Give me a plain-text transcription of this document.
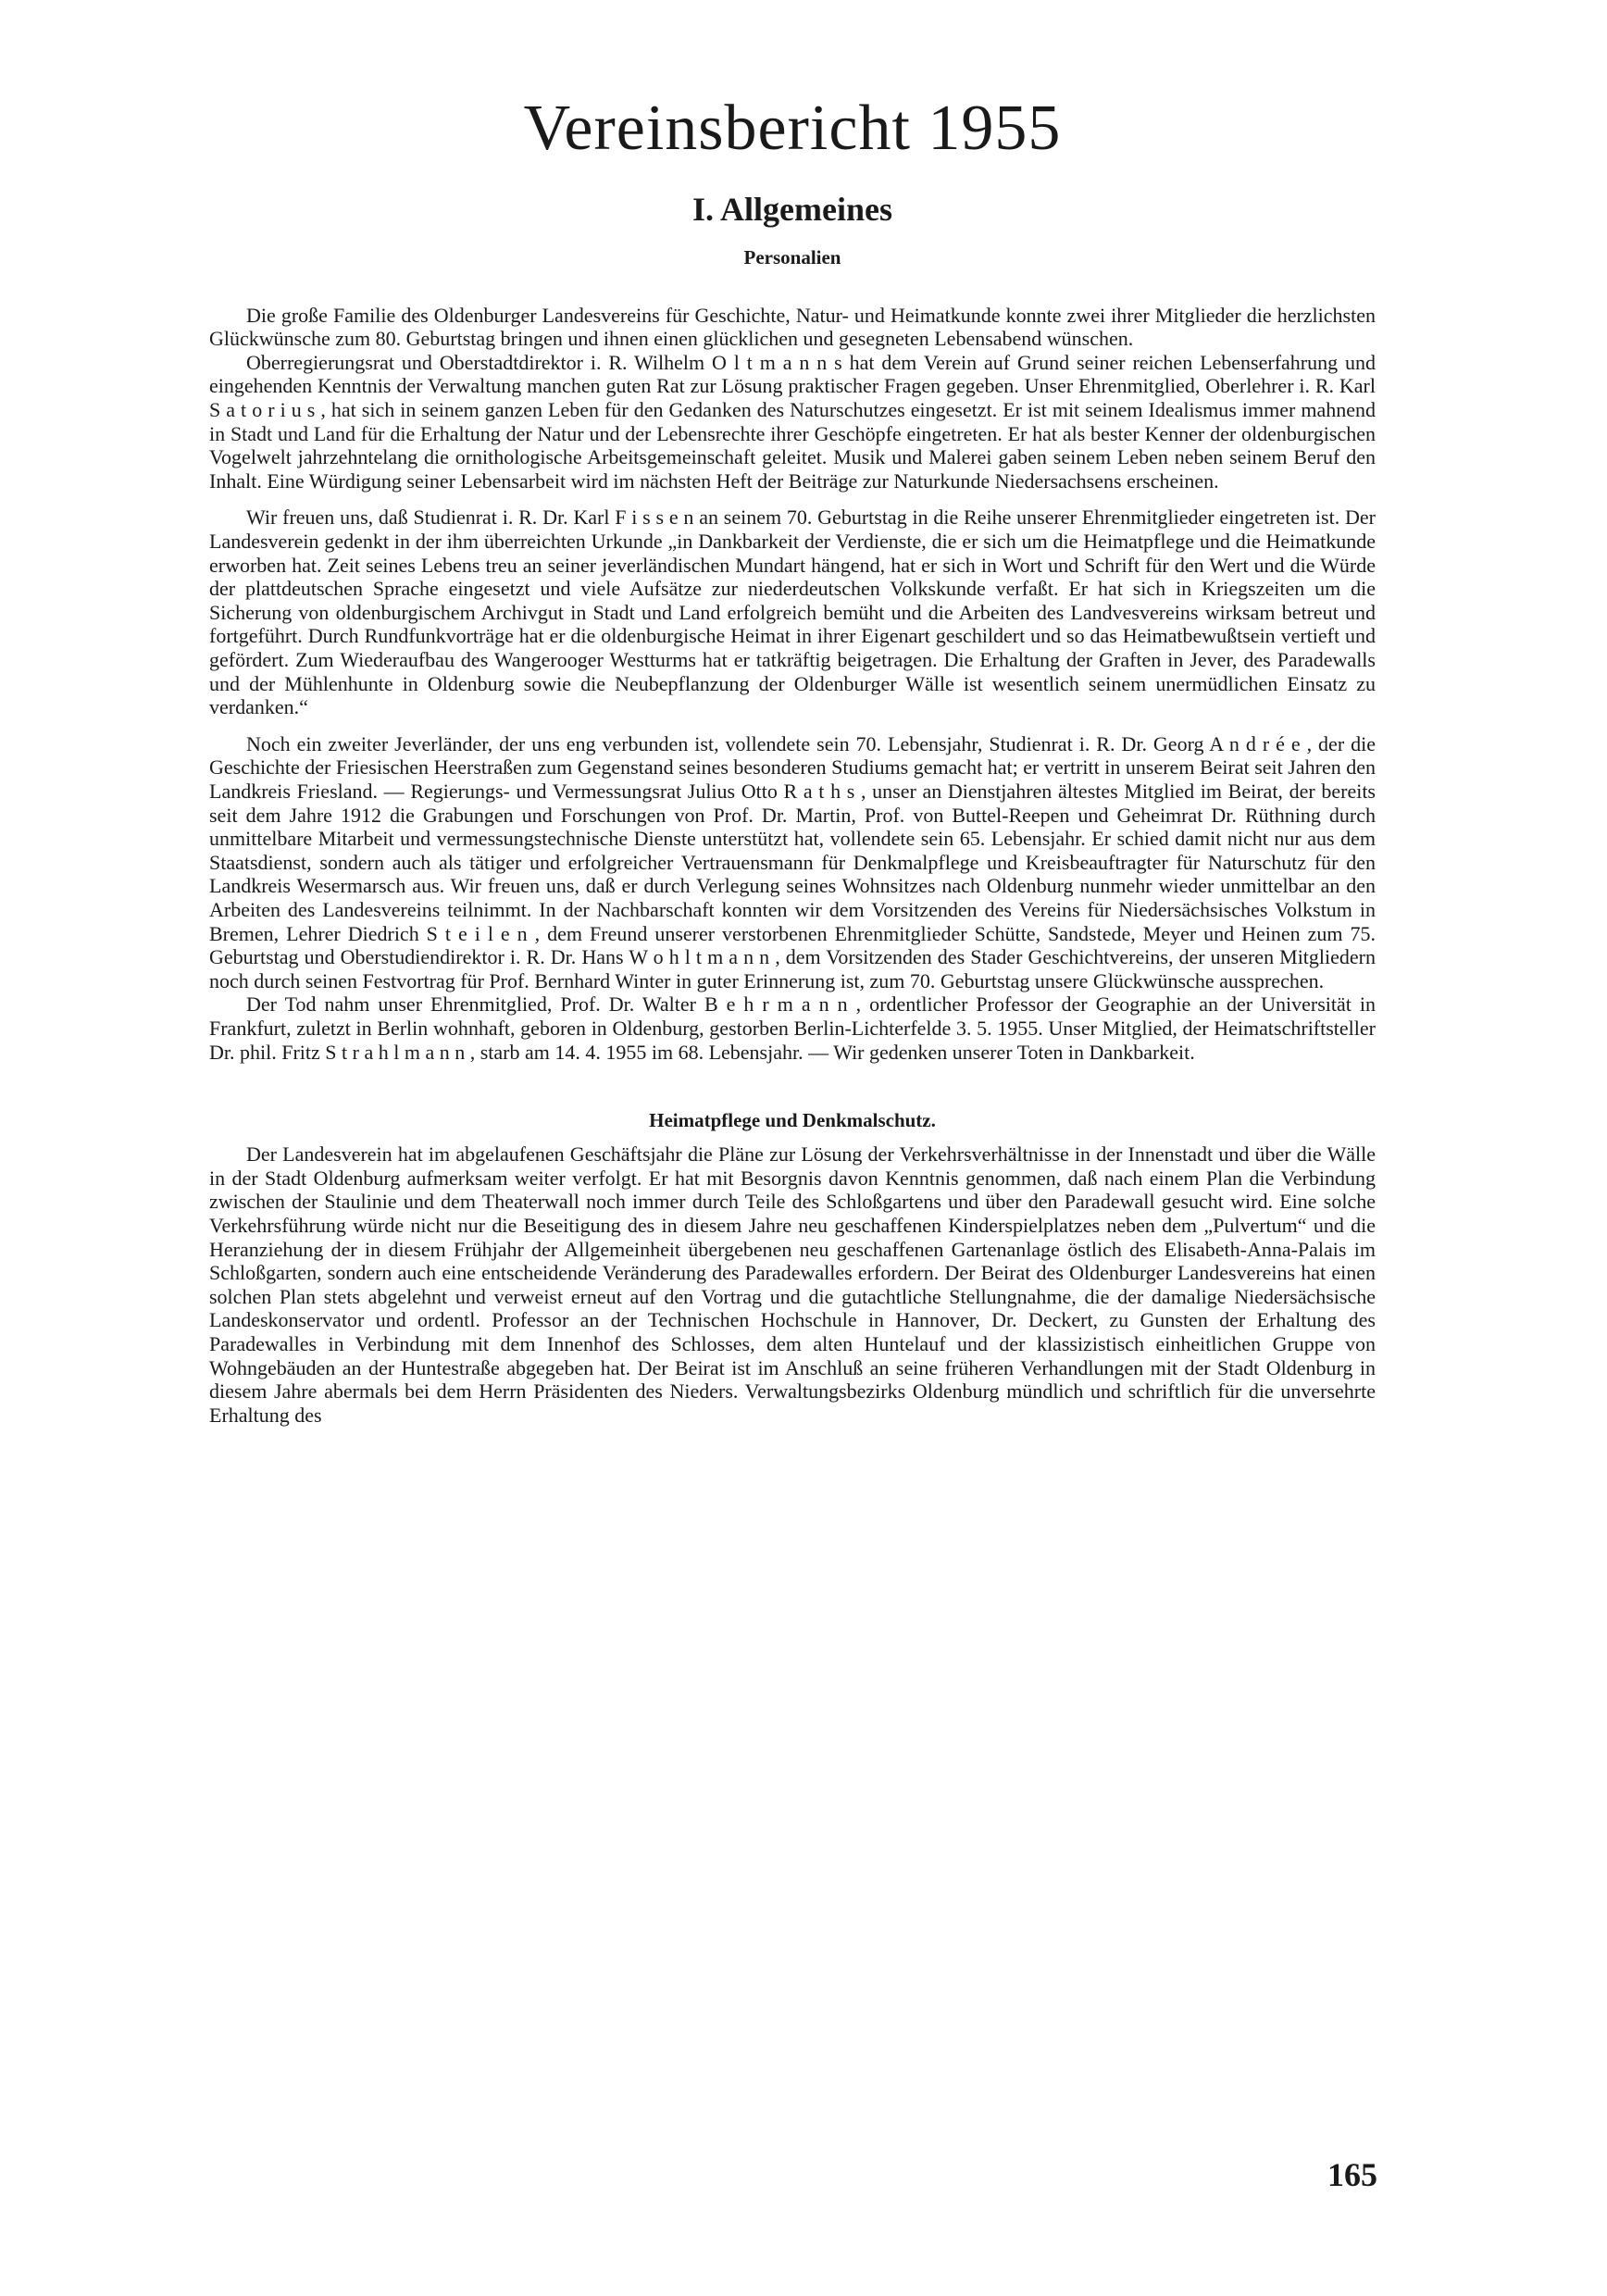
Vereinsbericht 1955
I. Allgemeines
Personalien

Die große Familie des Oldenburger Landesvereins für Geschichte, Natur- und Heimatkunde konnte zwei ihrer Mitglieder die herzlichsten Glückwünsche zum 80. Geburtstag bringen und ihnen einen glücklichen und gesegneten Lebensabend wünschen.

Oberregierungsrat und Oberstadtdirektor i. R. Wilhelm O l t m a n n s hat dem Verein auf Grund seiner reichen Lebenserfahrung und eingehenden Kenntnis der Verwaltung manchen guten Rat zur Lösung praktischer Fragen gegeben. Unser Ehrenmitglied, Oberlehrer i. R. Karl S a t o r i u s , hat sich in seinem ganzen Leben für den Gedanken des Naturschutzes eingesetzt. Er ist mit seinem Idealismus immer mahnend in Stadt und Land für die Erhaltung der Natur und der Lebensrechte ihrer Geschöpfe eingetreten. Er hat als bester Kenner der oldenburgischen Vogelwelt jahrzehntelang die ornithologische Arbeitsgemeinschaft geleitet. Musik und Malerei gaben seinem Leben neben seinem Beruf den Inhalt. Eine Würdigung seiner Lebensarbeit wird im nächsten Heft der Beiträge zur Naturkunde Niedersachsens erscheinen.

Wir freuen uns, daß Studienrat i. R. Dr. Karl F i s s e n an seinem 70. Geburtstag in die Reihe unserer Ehrenmitglieder eingetreten ist. Der Landesverein gedenkt in der ihm überreichten Urkunde „in Dankbarkeit der Verdienste, die er sich um die Heimatpflege und die Heimatkunde erworben hat. Zeit seines Lebens treu an seiner jeverländischen Mundart hängend, hat er sich in Wort und Schrift für den Wert und die Würde der plattdeutschen Sprache eingesetzt und viele Aufsätze zur niederdeutschen Volkskunde verfaßt. Er hat sich in Kriegszeiten um die Sicherung von oldenburgischem Archivgut in Stadt und Land erfolgreich bemüht und die Arbeiten des Landvesvereins wirksam betreut und fortgeführt. Durch Rundfunkvorträge hat er die oldenburgische Heimat in ihrer Eigenart geschildert und so das Heimatbewußtsein vertieft und gefördert. Zum Wiederaufbau des Wangerooger Westturms hat er tatkräftig beigetragen. Die Erhaltung der Graften in Jever, des Paradewalls und der Mühlenhunte in Oldenburg sowie die Neubepflanzung der Oldenburger Wälle ist wesentlich seinem unermüdlichen Einsatz zu verdanken.“

Noch ein zweiter Jeverländer, der uns eng verbunden ist, vollendete sein 70. Lebensjahr, Studienrat i. R. Dr. Georg A n d r é e , der die Geschichte der Friesischen Heerstraßen zum Gegenstand seines besonderen Studiums gemacht hat; er vertritt in unserem Beirat seit Jahren den Landkreis Friesland. — Regierungs- und Vermessungsrat Julius Otto R a t h s , unser an Dienstjahren ältestes Mitglied im Beirat, der bereits seit dem Jahre 1912 die Grabungen und Forschungen von Prof. Dr. Martin, Prof. von Buttel-Reepen und Geheimrat Dr. Rüthning durch unmittelbare Mitarbeit und vermessungstechnische Dienste unterstützt hat, vollendete sein 65. Lebensjahr. Er schied damit nicht nur aus dem Staatsdienst, sondern auch als tätiger und erfolgreicher Vertrauensmann für Denkmalpflege und Kreisbeauftragter für Naturschutz für den Landkreis Wesermarsch aus. Wir freuen uns, daß er durch Verlegung seines Wohnsitzes nach Oldenburg nunmehr wieder unmittelbar an den Arbeiten des Landesvereins teilnimmt. In der Nachbarschaft konnten wir dem Vorsitzenden des Vereins für Niedersächsisches Volkstum in Bremen, Lehrer Diedrich S t e i l e n , dem Freund unserer verstorbenen Ehrenmitglieder Schütte, Sandstede, Meyer und Heinen zum 75. Geburtstag und Oberstudiendirektor i. R. Dr. Hans W o h l t m a n n , dem Vorsitzenden des Stader Geschichtvereins, der unseren Mitgliedern noch durch seinen Festvortrag für Prof. Bernhard Winter in guter Erinnerung ist, zum 70. Geburtstag unsere Glückwünsche aussprechen.

Der Tod nahm unser Ehrenmitglied, Prof. Dr. Walter B e h r m a n n , ordentlicher Professor der Geographie an der Universität in Frankfurt, zuletzt in Berlin wohnhaft, geboren in Oldenburg, gestorben Berlin-Lichterfelde 3. 5. 1955. Unser Mitglied, der Heimatschriftsteller Dr. phil. Fritz S t r a h l m a n n , starb am 14. 4. 1955 im 68. Lebensjahr. — Wir gedenken unserer Toten in Dankbarkeit.

Heimatpflege und Denkmalschutz.

Der Landesverein hat im abgelaufenen Geschäftsjahr die Pläne zur Lösung der Verkehrsverhältnisse in der Innenstadt und über die Wälle in der Stadt Oldenburg aufmerksam weiter verfolgt. Er hat mit Besorgnis davon Kenntnis genommen, daß nach einem Plan die Verbindung zwischen der Staulinie und dem Theaterwall noch immer durch Teile des Schloßgartens und über den Paradewall gesucht wird. Eine solche Verkehrsführung würde nicht nur die Beseitigung des in diesem Jahre neu geschaffenen Kinderspielplatzes neben dem „Pulvertum“ und die Heranziehung der in diesem Frühjahr der Allgemeinheit übergebenen neu geschaffenen Gartenanlage östlich des Elisabeth-Anna-Palais im Schloßgarten, sondern auch eine entscheidende Veränderung des Paradewalles erfordern. Der Beirat des Oldenburger Landesvereins hat einen solchen Plan stets abgelehnt und verweist erneut auf den Vortrag und die gutachtliche Stellungnahme, die der damalige Niedersächsische Landeskonservator und ordentl. Professor an der Technischen Hochschule in Hannover, Dr. Deckert, zu Gunsten der Erhaltung des Paradewalles in Verbindung mit dem Innenhof des Schlosses, dem alten Huntelauf und der klassizistisch einheitlichen Gruppe von Wohngebäuden an der Huntestraße abgegeben hat. Der Beirat ist im Anschluß an seine früheren Verhandlungen mit der Stadt Oldenburg in diesem Jahre abermals bei dem Herrn Präsidenten des Nieders. Verwaltungsbezirks Oldenburg mündlich und schriftlich für die unversehrte Erhaltung des

165
